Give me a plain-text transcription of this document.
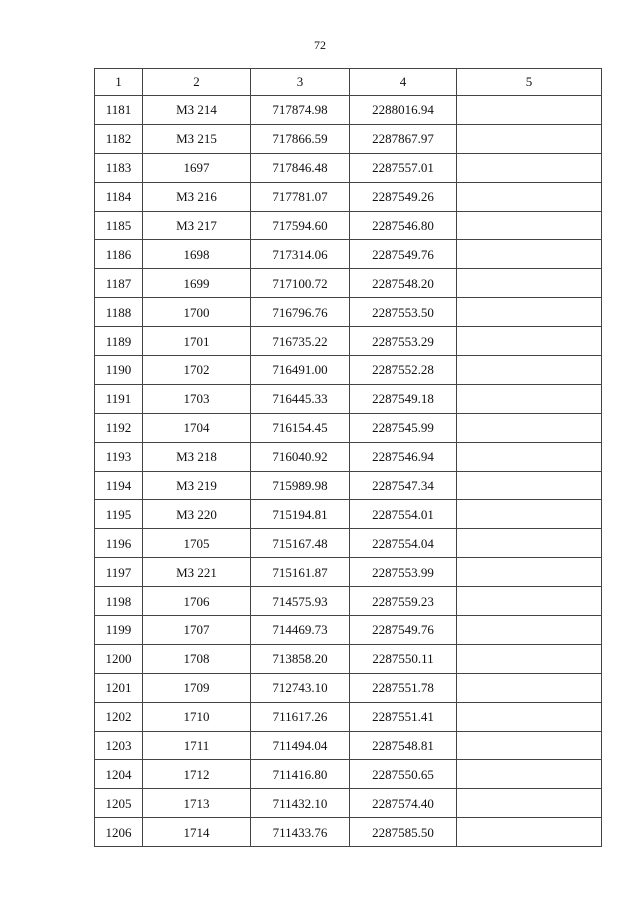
72
1	2	3	4	5
1181	МЗ 214	717874.98	2288016.94	
1182	МЗ 215	717866.59	2287867.97	
1183	1697	717846.48	2287557.01	
1184	МЗ 216	717781.07	2287549.26	
1185	МЗ 217	717594.60	2287546.80	
1186	1698	717314.06	2287549.76	
1187	1699	717100.72	2287548.20	
1188	1700	716796.76	2287553.50	
1189	1701	716735.22	2287553.29	
1190	1702	716491.00	2287552.28	
1191	1703	716445.33	2287549.18	
1192	1704	716154.45	2287545.99	
1193	МЗ 218	716040.92	2287546.94	
1194	МЗ 219	715989.98	2287547.34	
1195	МЗ 220	715194.81	2287554.01	
1196	1705	715167.48	2287554.04	
1197	МЗ 221	715161.87	2287553.99	
1198	1706	714575.93	2287559.23	
1199	1707	714469.73	2287549.76	
1200	1708	713858.20	2287550.11	
1201	1709	712743.10	2287551.78	
1202	1710	711617.26	2287551.41	
1203	1711	711494.04	2287548.81	
1204	1712	711416.80	2287550.65	
1205	1713	711432.10	2287574.40	
1206	1714	711433.76	2287585.50	
